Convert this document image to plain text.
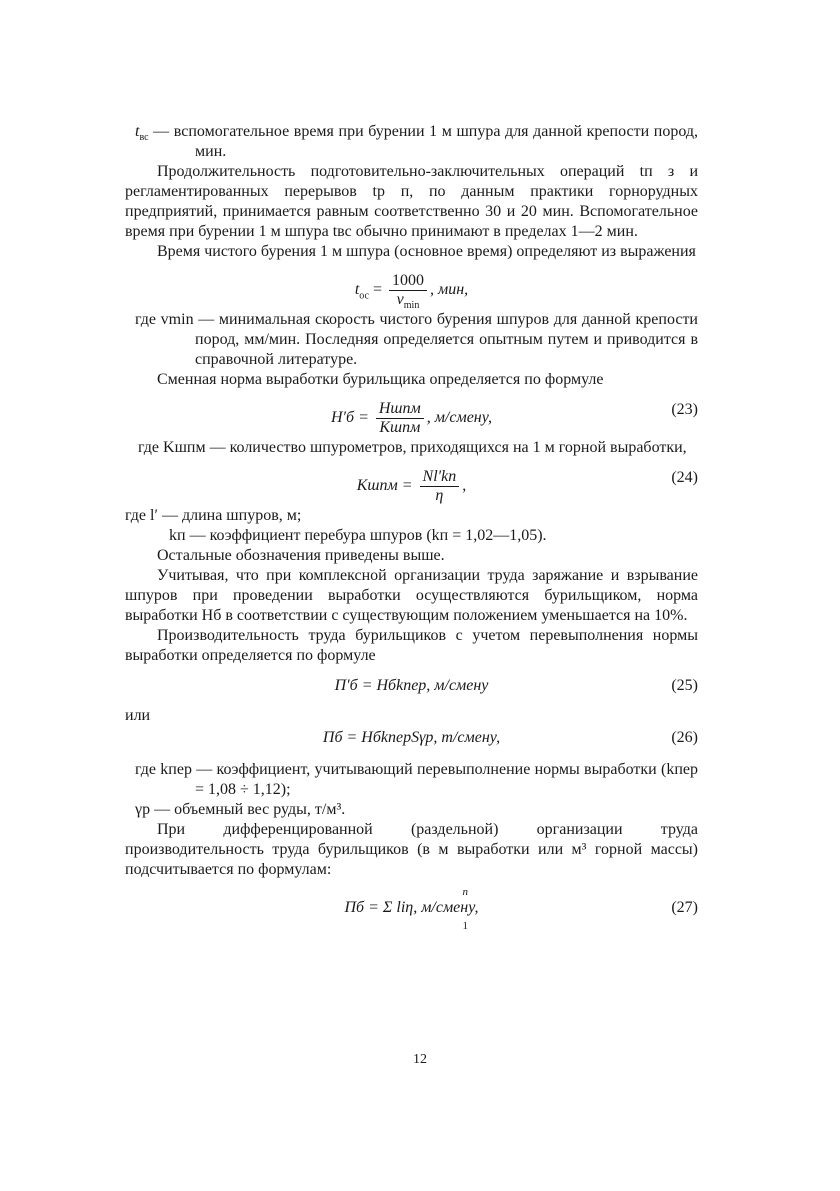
$t_{вс}$ — вспомогательное время при бурении 1 м шпура для данной крепости пород, мин.

Продолжительность подготовительно-заключительных операций tп з и регламентированных перерывов tр п, по данным практики горнорудных предприятий, принимается равным соответственно 30 и 20 мин. Вспомогательное время при бурении 1 м шпура tвс обычно принимают в пределах 1—2 мин.

Время чистого бурения 1 м шпура (основное время) определяют из выражения

$t_{ос} = \frac{1000}{v_{min}}$ , мин,

где vmin — минимальная скорость чистого бурения шпуров для данной крепости пород, мм/мин. Последняя определяется опытным путем и приводится в справочной литературе.

Сменная норма выработки бурильщика определяется по формуле

$H'б = \frac{\text{Hшпм}}{\text{Kшпм}}$ , м/смену,	(23)

где Kшпм — количество шпурометров, приходящихся на 1 м горной выработки,

Kшпм = $\frac{Nl'kп}{\eta}$ ,	(24)

где l′ — длина шпуров, м;

kп — коэффициент перебура шпуров (kп = 1,02—1,05).

Остальные обозначения приведены выше.

Учитывая, что при комплексной организации труда заряжание и взрывание шпуров при проведении выработки осуществляются бурильщиком, норма выработки Hб в соответствии с существующим положением уменьшается на 10%.

Производительность труда бурильщиков с учетом перевыполнения нормы выработки определяется по формуле

П′б = Hбkпер, м/смену	(25)

или

Пб = HбkперSγр, т/смену,	(26)

где kпер — коэффициент, учитывающий перевыполнение нормы выработки (kпер = 1,08 ÷ 1,12);

γр — объемный вес руды, т/м³.

При дифференцированной (раздельной) организации труда производительность труда бурильщиков (в м выработки или м³ горной массы) подсчитывается по формулам:

n
1
Пб = Σ liη, м/смену,	(27)
12
